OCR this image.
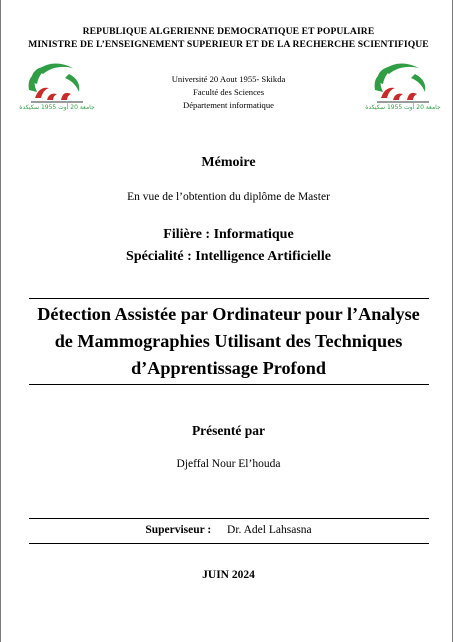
REPUBLIQUE ALGERIENNE DEMOCRATIQUE ET POPULAIRE
MINISTRE DE L’ENSEIGNEMENT SUPERIEUR ET DE LA RECHERCHE SCIENTIFIQUE
جامعة 20 أوت 1955 سكيكدة
Université 20 Aout 1955- Skikda
Faculté des Sciences
Département informatique	جامعة 20 أوت 1955 سكيكدة
Mémoire
En vue de l’obtention du diplôme de Master
Filière : Informatique
Spécialité : Intelligence Artificielle
Détection Assistée par Ordinateur pour l’Analyse
de Mammographies Utilisant des Techniques
d’Apprentissage Profond
Présenté par
Djeffal Nour El’houda
Superviseur : Dr. Adel Lahsasna
JUIN 2024
